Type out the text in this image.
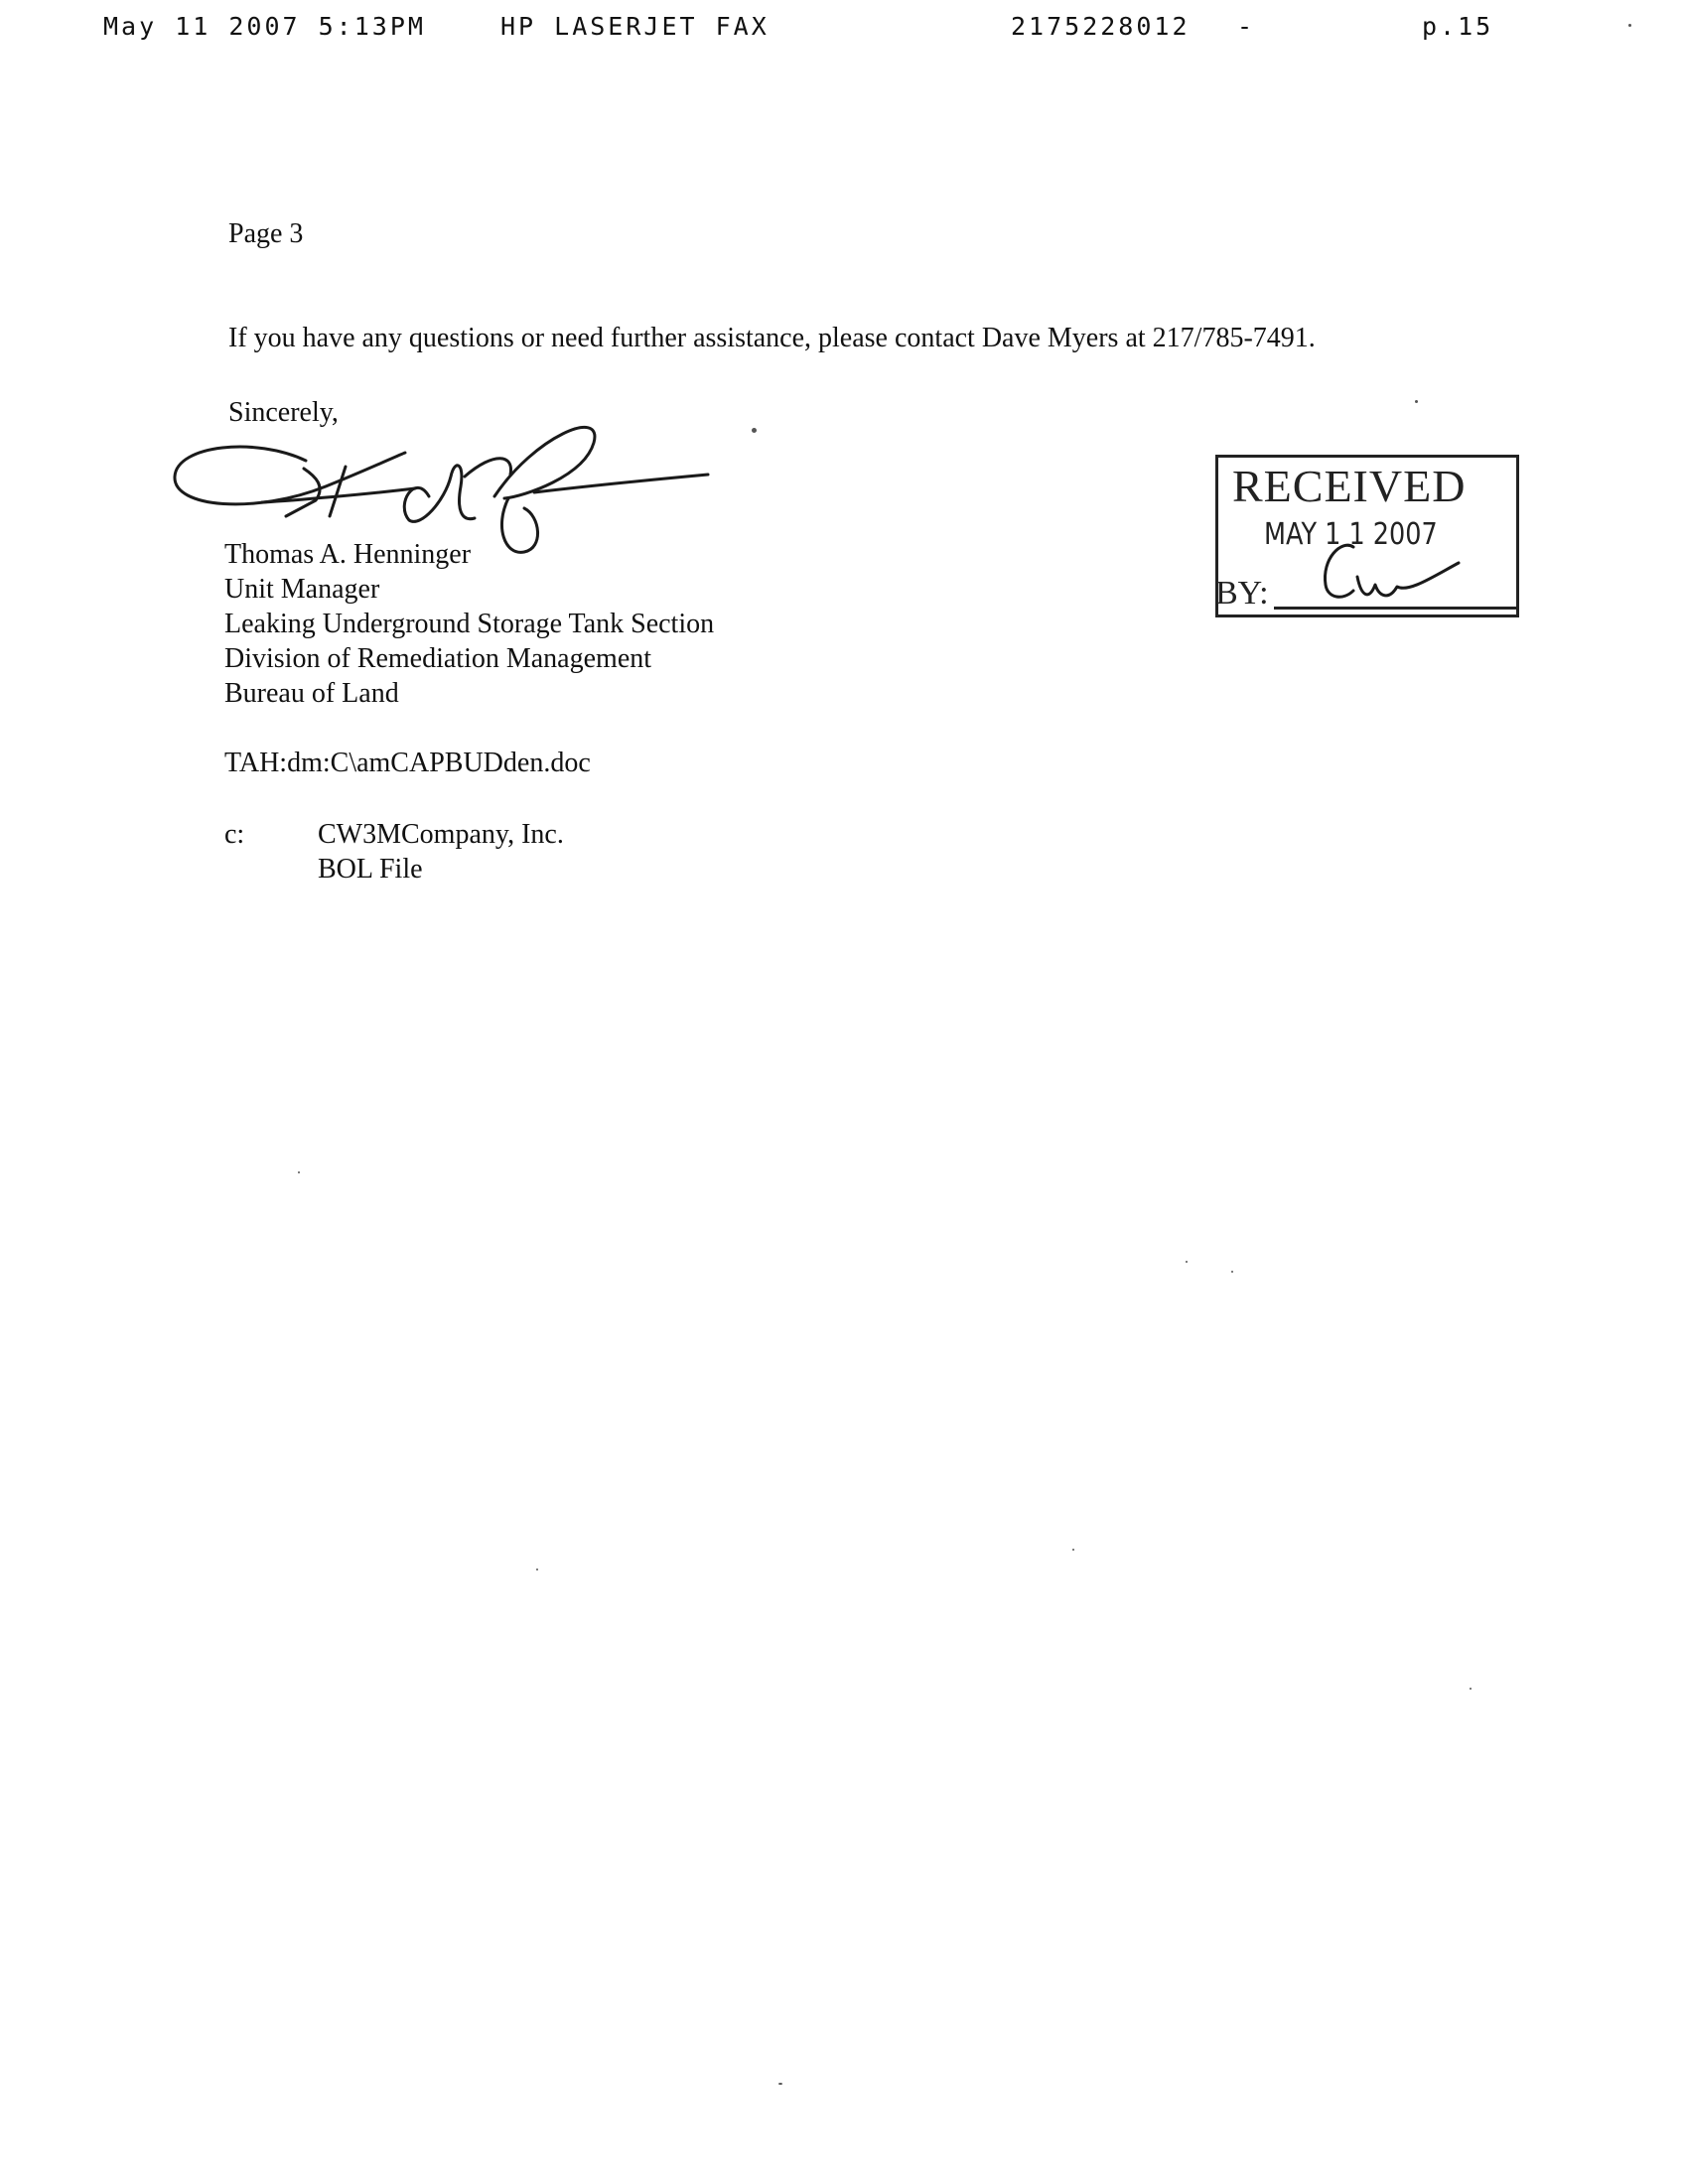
May 11 2007 5:13PM	HP LASERJET FAX	2175228012 -	p.15
Page 3
If you have any questions or need further assistance, please contact Dave Myers at 217/785-7491.
Sincerely,
Thomas A. Henninger
Unit Manager
Leaking Underground Storage Tank Section
Division of Remediation Management
Bureau of Land
TAH:dm:C\amCAPBUDden.doc
c:	CW3MCompany, Inc.
BOL File
RECEIVED
MAY 1 1 2007
BY:
